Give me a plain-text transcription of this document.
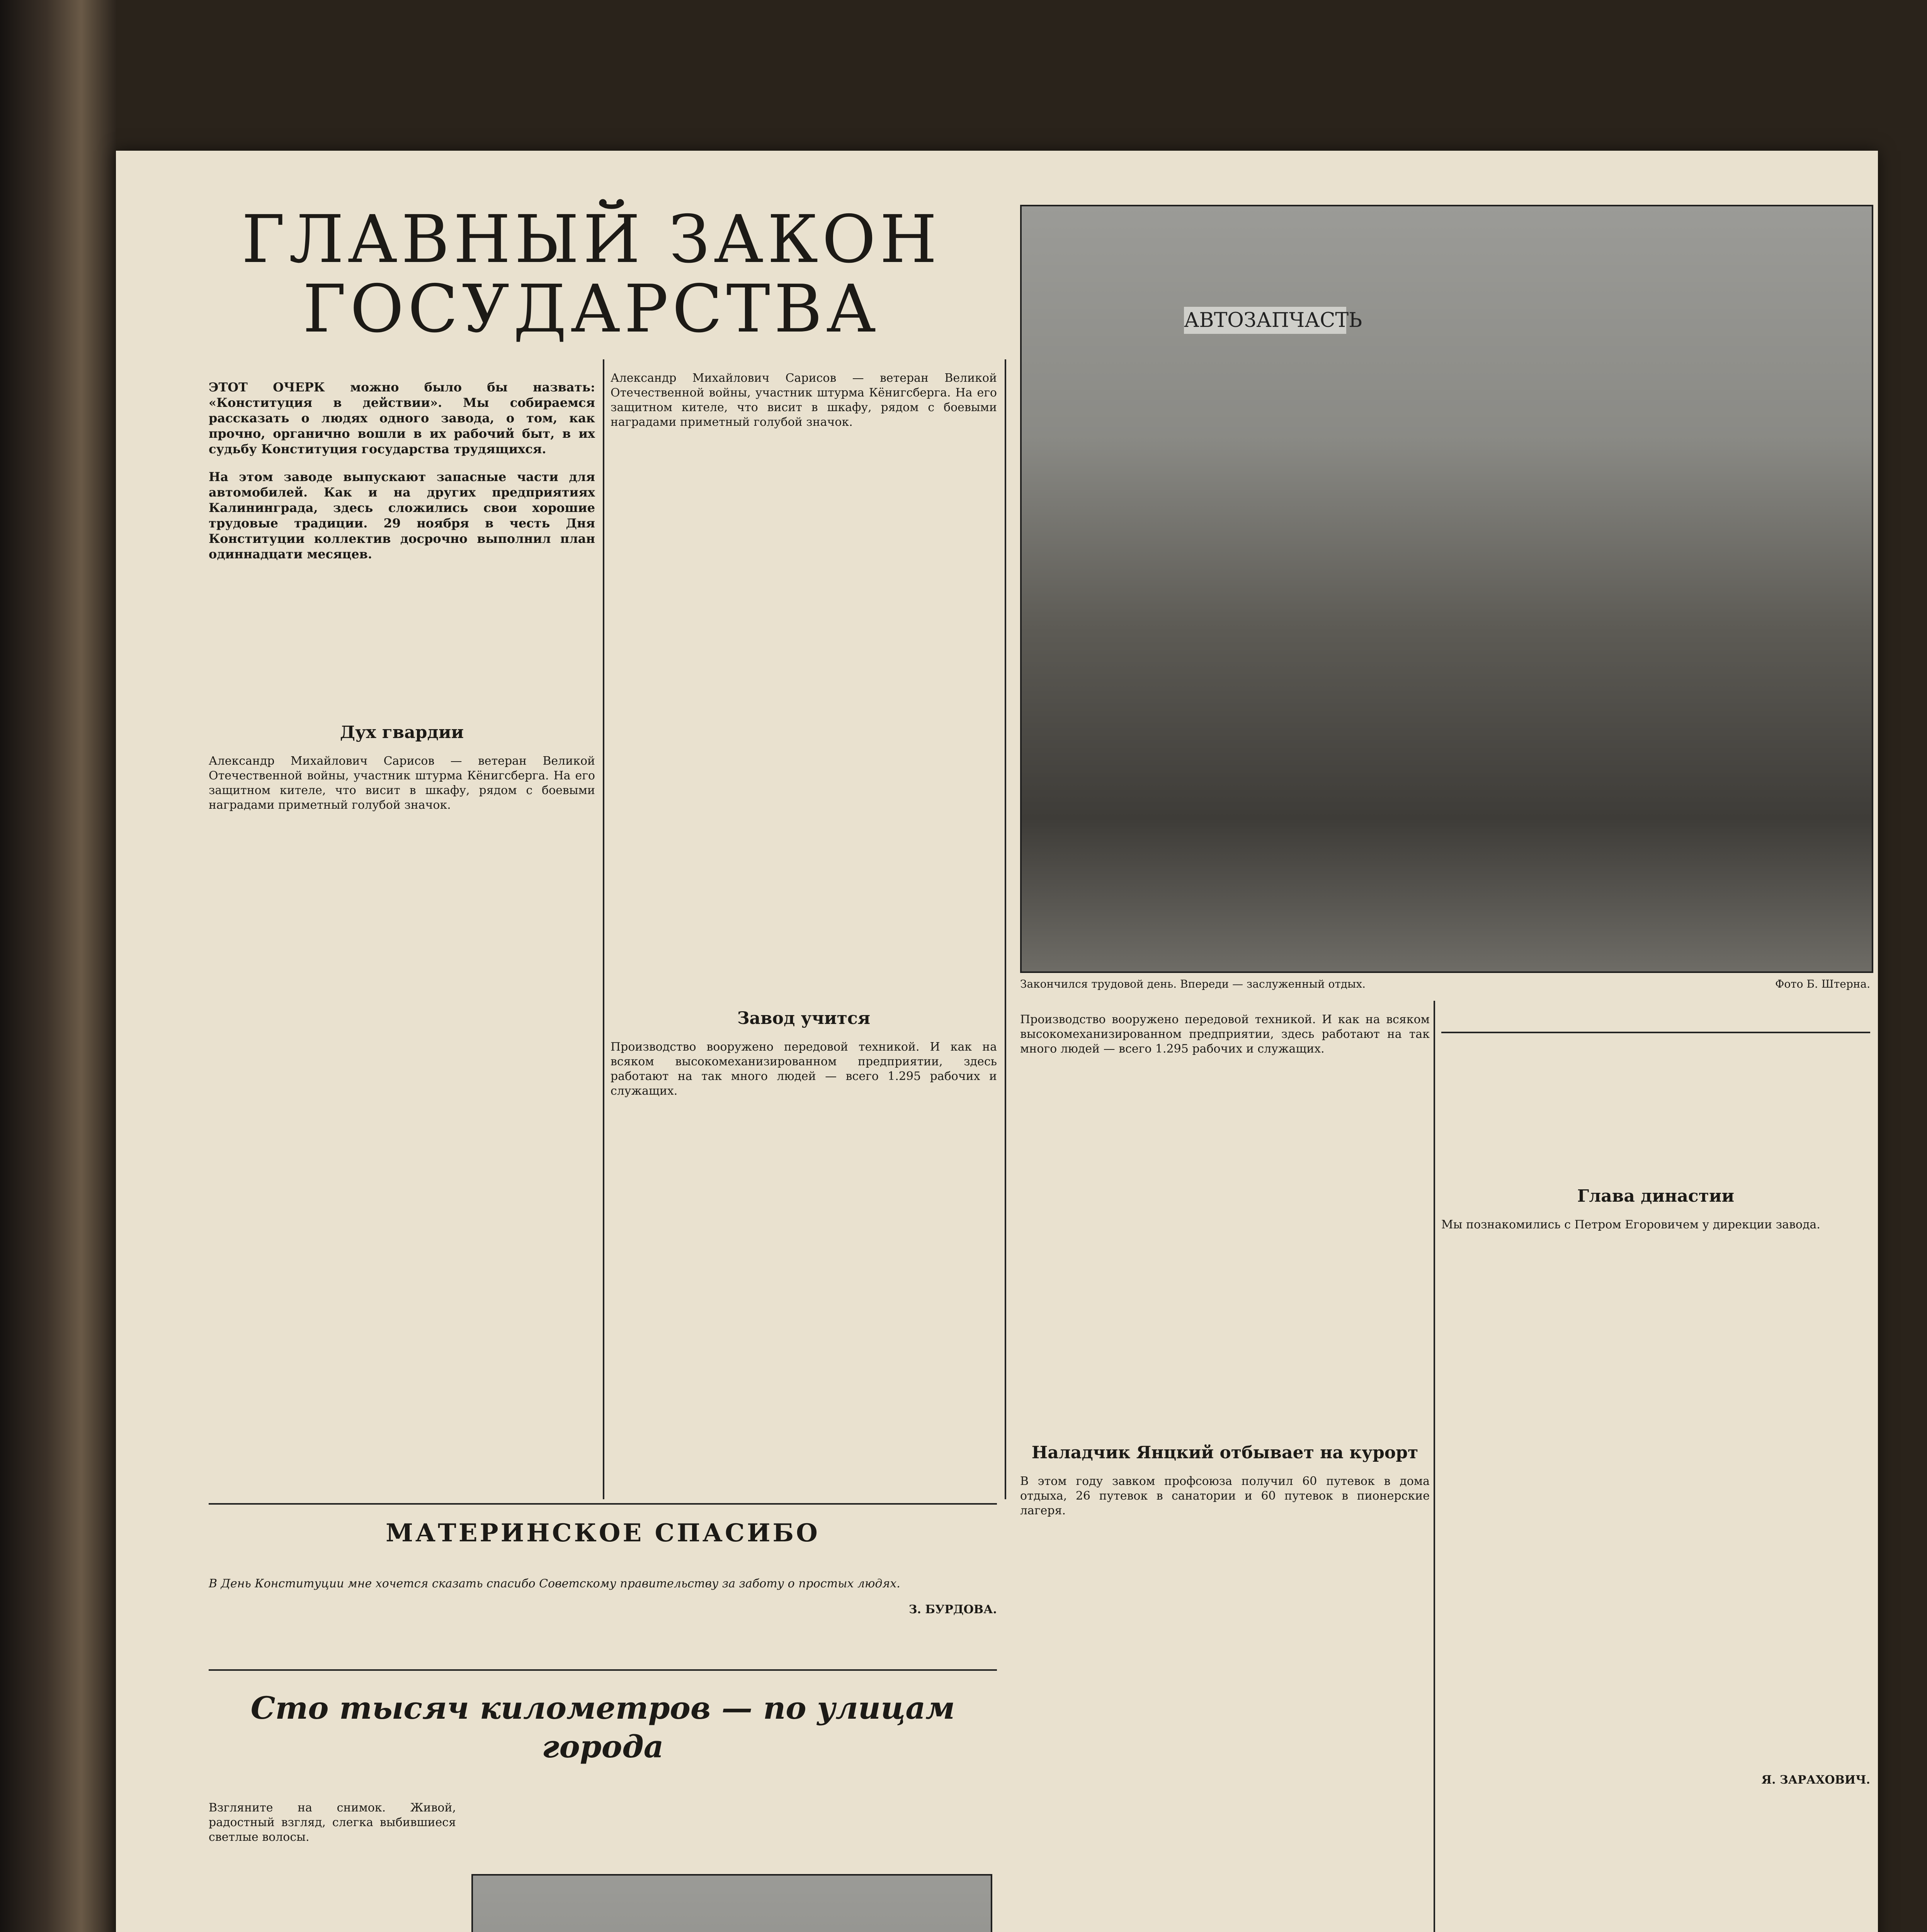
ГЛАВНЫЙ ЗАКОН ГОСУДАРСТВА

ЭТОТ ОЧЕРК можно было бы назвать: «Конституция в действии». Мы собираемся рассказать о людях одного завода, о том, как прочно, органично вошли в их рабочий быт, в их судьбу Конституция государства трудящихся.

На этом заводе выпускают запасные части для автомобилей. Как и на других предприятиях Калининграда, здесь сложились свои хорошие трудовые традиции. 29 ноября в честь Дня Конституции коллектив досрочно выполнил план одиннадцати месяцев.

Дух гвардии

Александр Михайлович Сарисов — ветеран Великой Отечественной войны, участник штурма Кёнигсберга. На его защитном кителе, что висит в шкафу, рядом с боевыми наградами приметный голубой значок.

Александр Михайлович Сарисов — ветеран Великой Отечественной войны, участник штурма Кёнигсберга. На его защитном кителе, что висит в шкафу, рядом с боевыми наградами приметный голубой значок.

АВТОЗАПЧАСТЬ
Закончился трудовой день. Впереди — заслуженный отдых.	Фото Б. Штерна.
Завод учится

Производство вооружено передовой техникой. И как на всяком высокомеханизированном предприятии, здесь работают на так много людей — всего 1.295 рабочих и служащих.

Производство вооружено передовой техникой. И как на всяком высокомеханизированном предприятии, здесь работают на так много людей — всего 1.295 рабочих и служащих.

Наладчик Янцкий отбывает на курорт

В этом году завком профсоюза получил 60 путевок в дома отдыха, 26 путевок в санатории и 60 путевок в пионерские лагеря.

Глава династии

Мы познакомились с Петром Егоровичем у дирекции завода.

Я. ЗАРАХОВИЧ.
МАТЕРИНСКОЕ СПАСИБО

В День Конституции мне хочется сказать спасибо Советскому правительству за заботу о простых людях.

З. БУРДОВА.
Сто тысяч километров — по улицам города

Взгляните на снимок. Живой, радостный взгляд, слегка выбившиеся светлые волосы.
